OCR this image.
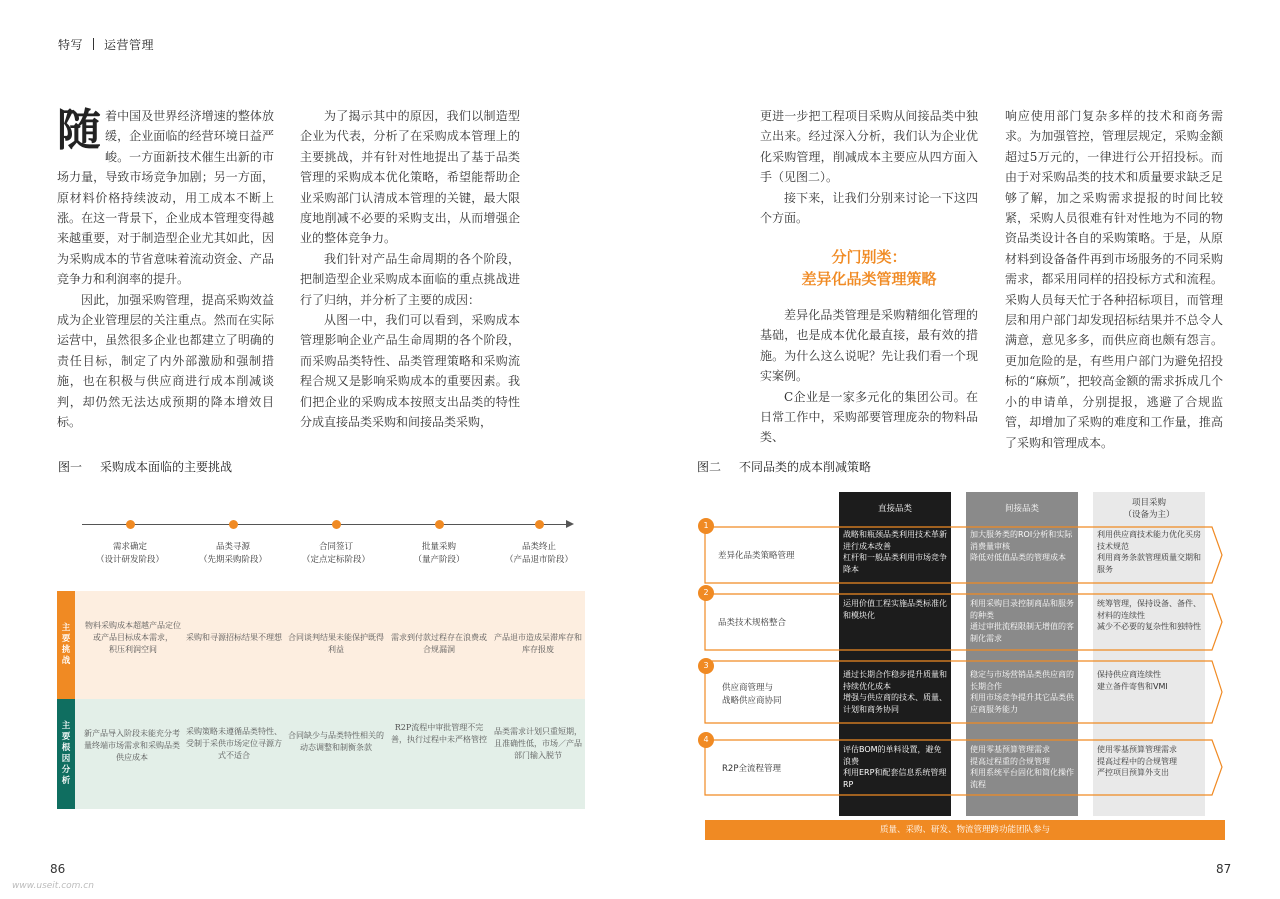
特写 运营管理

随着中国及世界经济增速的整体放缓，企业面临的经营环境日益严峻。一方面新技术催生出新的市场力量，导致市场竞争加剧；另一方面，原材料价格持续波动，用工成本不断上涨。在这一背景下，企业成本管理变得越来越重要，对于制造型企业尤其如此，因为采购成本的节省意味着流动资金、产品竞争力和利润率的提升。

因此，加强采购管理，提高采购效益成为企业管理层的关注重点。然而在实际运营中，虽然很多企业也都建立了明确的责任目标，制定了内外部激励和强制措施，也在积极与供应商进行成本削减谈判，却仍然无法达成预期的降本增效目标。

为了揭示其中的原因，我们以制造型企业为代表，分析了在采购成本管理上的主要挑战，并有针对性地提出了基于品类管理的采购成本优化策略，希望能帮助企业采购部门认清成本管理的关键，最大限度地削减不必要的采购支出，从而增强企业的整体竞争力。

我们针对产品生命周期的各个阶段，把制造型企业采购成本面临的重点挑战进行了归纳，并分析了主要的成因：

从图一中，我们可以看到，采购成本管理影响企业产品生命周期的各个阶段，而采购品类特性、品类管理策略和采购流程合规又是影响采购成本的重要因素。我们把企业的采购成本按照支出品类的特性分成直接品类采购和间接品类采购，

更进一步把工程项目采购从间接品类中独立出来。经过深入分析，我们认为企业优化采购管理，削减成本主要应从四方面入手（见图二）。

接下来，让我们分别来讨论一下这四个方面。

分门别类：
差异化品类管理策略

差异化品类管理是采购精细化管理的基础，也是成本优化最直接，最有效的措施。为什么这么说呢？先让我们看一个现实案例。

C企业是一家多元化的集团公司。在日常工作中，采购部要管理庞杂的物料品类、

响应使用部门复杂多样的技术和商务需求。为加强管控，管理层规定，采购金额超过5万元的，一律进行公开招投标。而由于对采购品类的技术和质量要求缺乏足够了解，加之采购需求提报的时间比较紧，采购人员很难有针对性地为不同的物资品类设计各自的采购策略。于是，从原材料到设备备件再到市场服务的不同采购需求，都采用同样的招投标方式和流程。采购人员每天忙于各种招标项目，而管理层和用户部门却发现招标结果并不总令人满意，意见多多，而供应商也颇有怨言。更加危险的是，有些用户部门为避免招投标的“麻烦”，把较高金额的需求拆成几个小的申请单，分别提报，逃避了合规监管，却增加了采购的难度和工作量，推高了采购和管理成本。

图一 采购成本面临的主要挑战
需求确定
（设计研发阶段）
品类寻源
（先期采购阶段）
合同签订
（定点定标阶段）
批量采购
（量产阶段）
品类终止
（产品退市阶段）
主要挑战
物料采购成本超越产品定位或产品目标成本需求，
积压利润空间
采购和寻源招标结果不理想 合同谈判结果未能保护既得利益
需求到付款过程存在浪费或合规漏洞
产品退市造成呆滞库存和库存报废
主要根因分析
新产品导入阶段未能充分考量终端市场需求和采购品类供应成本
采购策略未遵循品类特性、受制于采供市场定位寻源方式不适合
合同缺少与品类特性相关的动态调整和制衡条款
R2P流程中审批管理不完善，执行过程中未严格管控
品类需求计划只重短期，且准确性低，市场／产品部门输入脱节
图二 不同品类的成本削减策略
直接品类	间接品类
项目采购
（设备为主）
1
差异化品类策略管理
战略和瓶颈品类利用技术革新进行成本改善
杠杆和一般品类利用市场竞争降本
加大服务类的ROI分析和实际消费量审核
降低对低值品类的管理成本
利用供应商技术能力优化买房技术规范
利用商务条款管理质量交期和服务
2
品类技术规格整合
运用价值工程实施品类标准化和模块化
利用采购目录控制商品和服务的种类
通过审批流程限制无增值的客制化需求
统筹管理，保持设备、备件、材料的连续性
减少不必要的复杂性和独特性
3
供应商管理与
战略供应商协同
通过长期合作稳步提升质量和持续优化成本
增强与供应商的技术、质量、计划和商务协同
稳定与市场营销品类供应商的长期合作
利用市场竞争提升其它品类供应商服务能力
保持供应商连续性
建立备件寄售和VMI
4
R2P全流程管理
评估BOM的单料设置，避免浪费
利用ERP和配套信息系统管理RP
使用零基预算管理需求
提高过程重的合规管理
利用系统平台固化和简化操作流程
使用零基预算管理需求
提高过程中的合规管理
严控项目预算外支出
质量、采购、研发、物流管理跨功能团队参与
86	87
www.useit.com.cn
